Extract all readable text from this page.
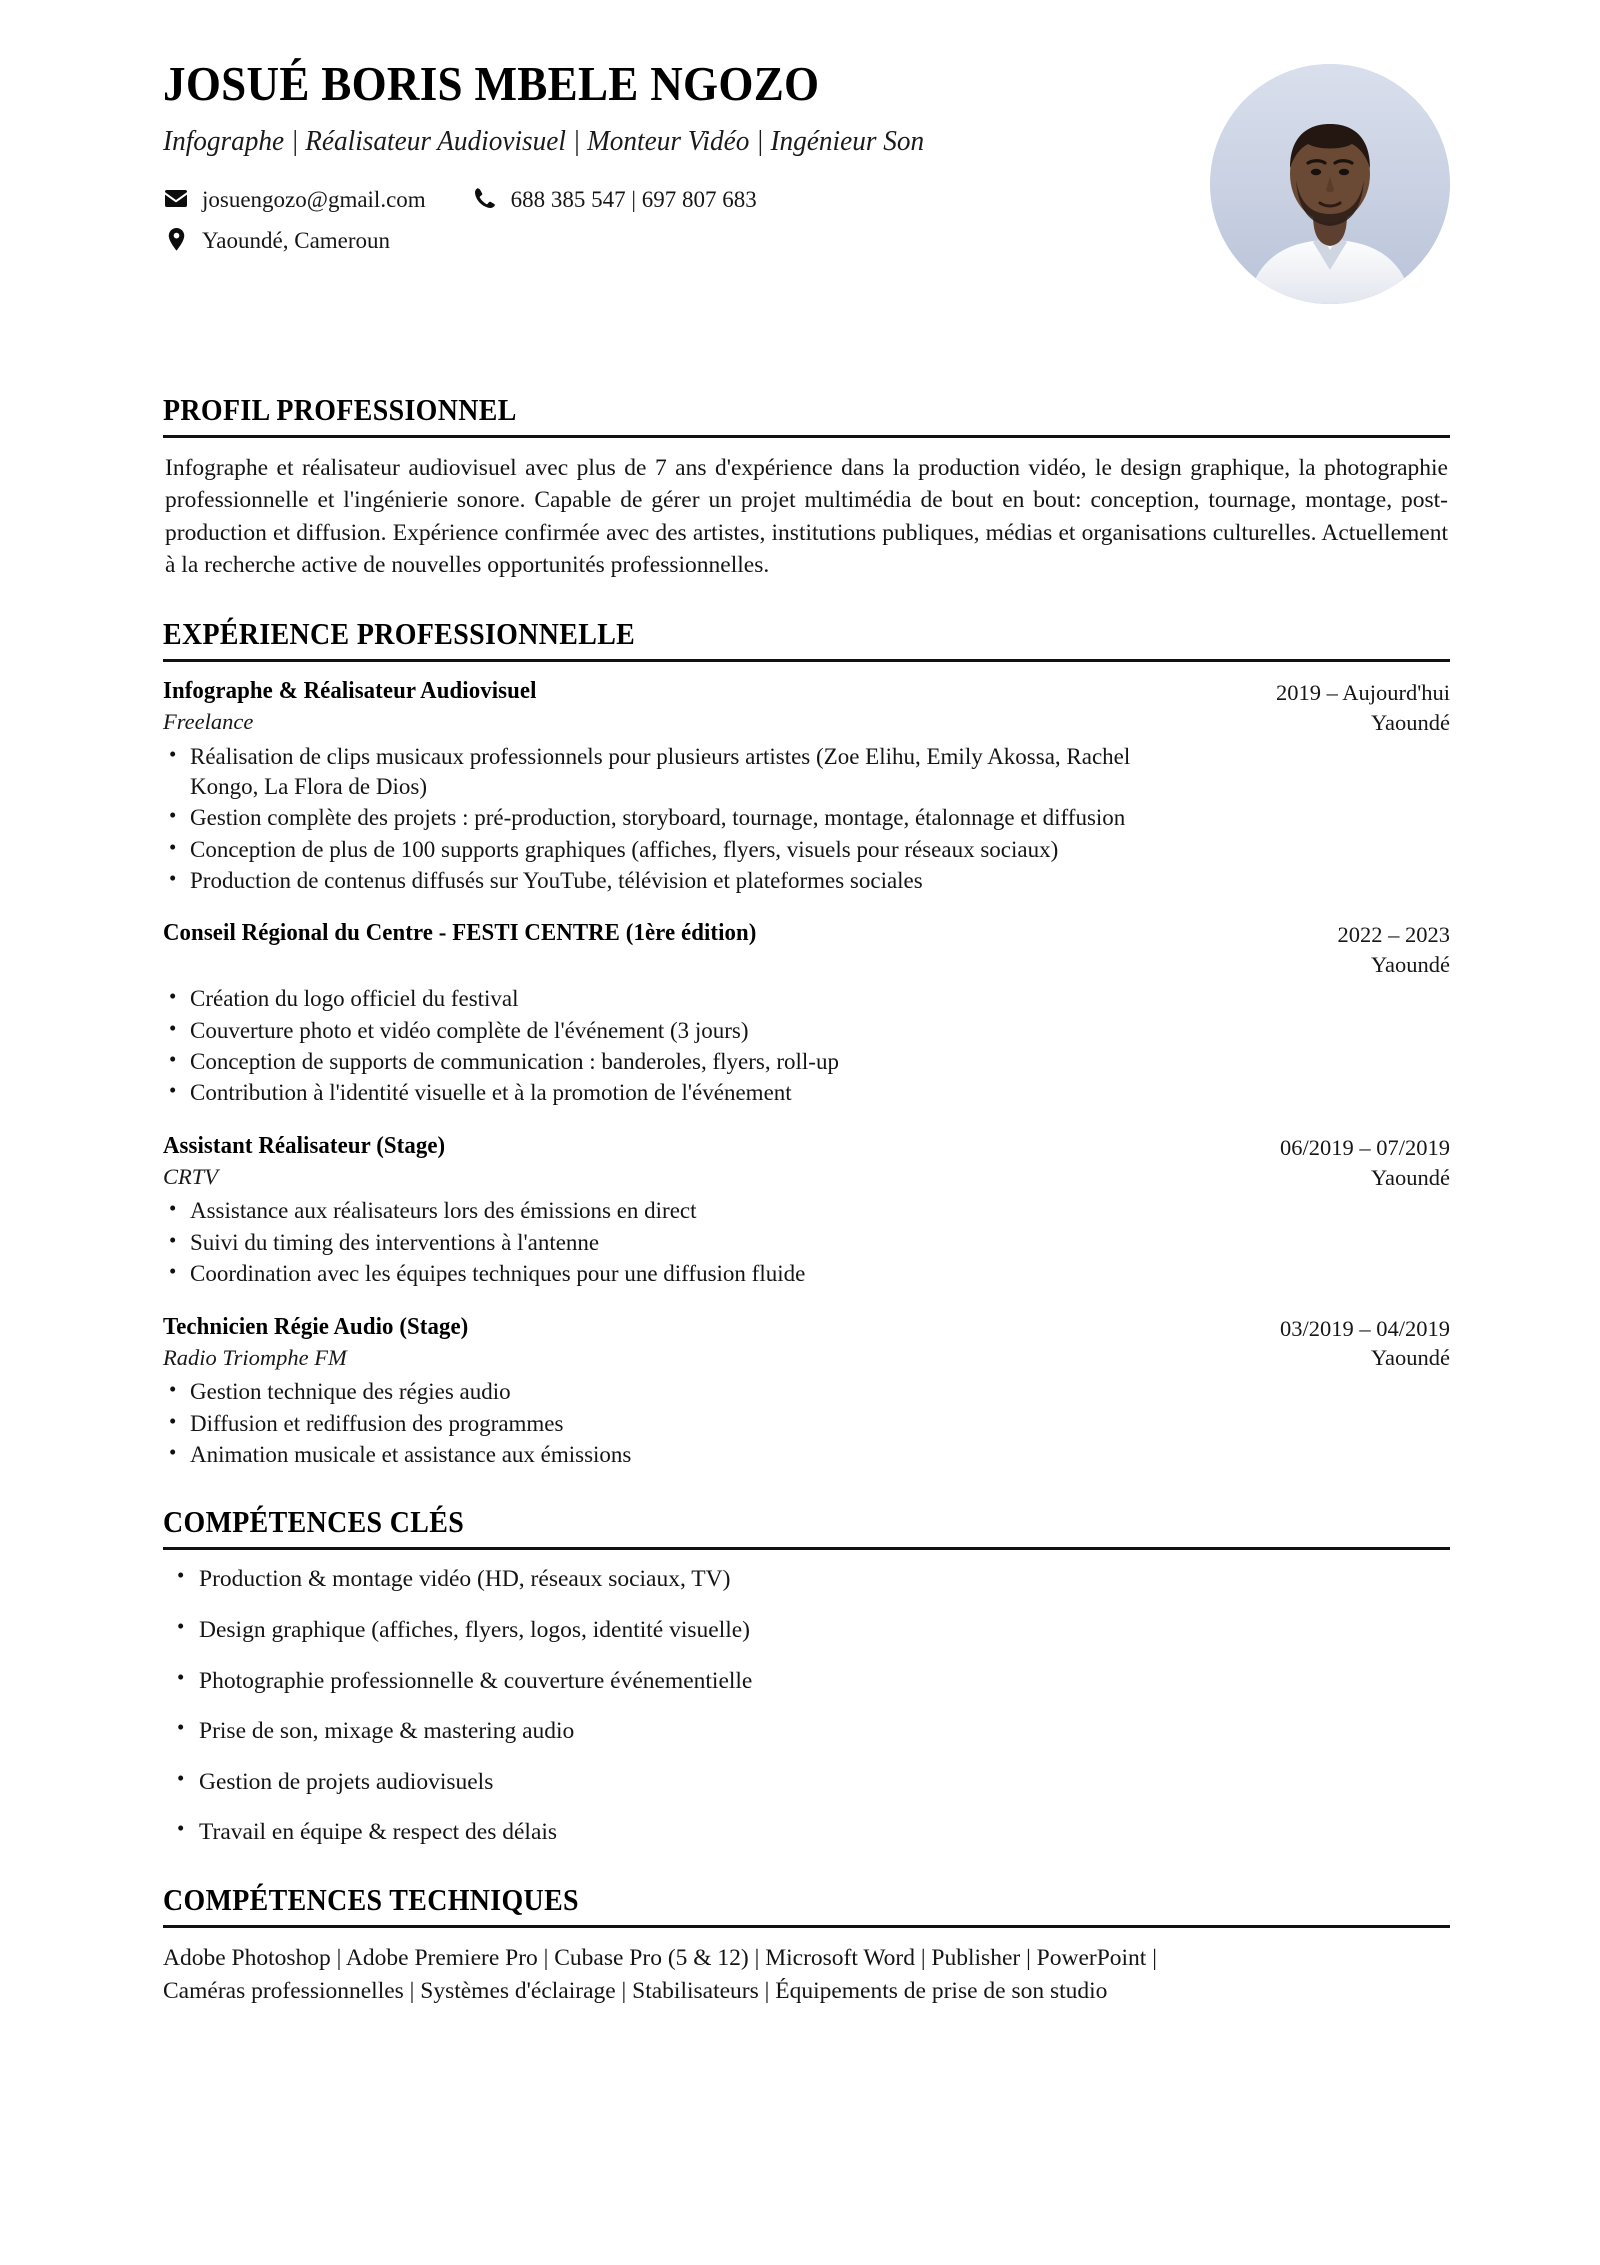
JOSUÉ BORIS MBELE NGOZO
Infographe | Réalisateur Audiovisuel | Monteur Vidéo | Ingénieur Son
josuengozo@gmail.com	688 385 547 | 697 807 683
Yaoundé, Cameroun
PROFIL PROFESSIONNEL

Infographe et réalisateur audiovisuel avec plus de 7 ans d'expérience dans la production vidéo, le design graphique, la photographie professionnelle et l'ingénierie sonore. Capable de gérer un projet multimédia de bout en bout: conception, tournage, montage, post- production et diffusion. Expérience confirmée avec des artistes, institutions publiques, médias et organisations culturelles. Actuellement à la recherche active de nouvelles opportunités professionnelles.

EXPÉRIENCE PROFESSIONNELLE
Infographe & Réalisateur Audiovisuel
Freelance
2019 – Aujourd'hui
Yaoundé
• Réalisation de clips musicaux professionnels pour plusieurs artistes (Zoe Elihu, Emily Akossa, Rachel Kongo, La Flora de Dios)
• Gestion complète des projets : pré-production, storyboard, tournage, montage, étalonnage et diffusion
• Conception de plus de 100 supports graphiques (affiches, flyers, visuels pour réseaux sociaux)
• Production de contenus diffusés sur YouTube, télévision et plateformes sociales
Conseil Régional du Centre - FESTI CENTRE (1ère édition)	2022 – 2023
Yaoundé
• Création du logo officiel du festival
• Couverture photo et vidéo complète de l'événement (3 jours)
• Conception de supports de communication : banderoles, flyers, roll-up
• Contribution à l'identité visuelle et à la promotion de l'événement
Assistant Réalisateur (Stage)
CRTV
06/2019 – 07/2019
Yaoundé
• Assistance aux réalisateurs lors des émissions en direct
• Suivi du timing des interventions à l'antenne
• Coordination avec les équipes techniques pour une diffusion fluide
Technicien Régie Audio (Stage)
Radio Triomphe FM
03/2019 – 04/2019
Yaoundé
• Gestion technique des régies audio
• Diffusion et rediffusion des programmes
• Animation musicale et assistance aux émissions
COMPÉTENCES CLÉS
• Production & montage vidéo (HD, réseaux sociaux, TV)
• Design graphique (affiches, flyers, logos, identité visuelle)
• Photographie professionnelle & couverture événementielle
• Prise de son, mixage & mastering audio
• Gestion de projets audiovisuels
• Travail en équipe & respect des délais
COMPÉTENCES TECHNIQUES

Adobe Photoshop | Adobe Premiere Pro | Cubase Pro (5 & 12) | Microsoft Word | Publisher | PowerPoint |

Caméras professionnelles | Systèmes d'éclairage | Stabilisateurs | Équipements de prise de son studio
